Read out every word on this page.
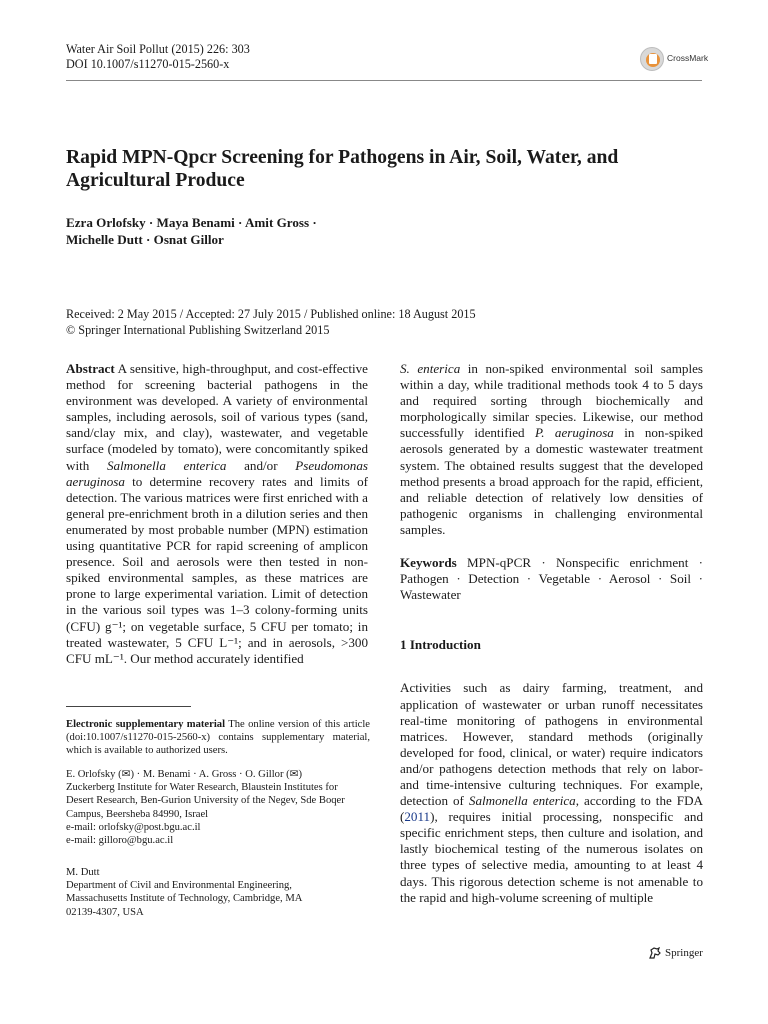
Water Air Soil Pollut (2015) 226: 303
DOI 10.1007/s11270-015-2560-x	CrossMark
Rapid MPN-Qpcr Screening for Pathogens in Air, Soil, Water, and Agricultural Produce
Ezra Orlofsky · Maya Benami · Amit Gross ·
Michelle Dutt · Osnat Gillor
Received: 2 May 2015 / Accepted: 27 July 2015 / Published online: 18 August 2015
© Springer International Publishing Switzerland 2015

Abstract A sensitive, high-throughput, and cost-effective method for screening bacterial pathogens in the environment was developed. A variety of environmental samples, including aerosols, soil of various types (sand, sand/clay mix, and clay), wastewater, and vegetable surface (modeled by tomato), were concomitantly spiked with Salmonella enterica and/or Pseudomonas aeruginosa to determine recovery rates and limits of detection. The various matrices were first enriched with a general pre-enrichment broth in a dilution series and then enumerated by most probable number (MPN) estimation using quantitative PCR for rapid screening of amplicon presence. Soil and aerosols were then tested in non-spiked environmental samples, as these matrices are prone to large experimental variation. Limit of detection in the various soil types was 1–3 colony-forming units (CFU) g⁻¹; on vegetable surface, 5 CFU per tomato; in treated wastewater, 5 CFU L⁻¹; and in aerosols, >300 CFU mL⁻¹. Our method accurately identified

S. enterica in non-spiked environmental soil samples within a day, while traditional methods took 4 to 5 days and required sorting through biochemically and morphologically similar species. Likewise, our method successfully identified P. aeruginosa in non-spiked aerosols generated by a domestic wastewater treatment system. The obtained results suggest that the developed method presents a broad approach for the rapid, efficient, and reliable detection of relatively low densities of pathogenic organisms in challenging environmental samples.

Keywords MPN-qPCR · Nonspecific enrichment · Pathogen · Detection · Vegetable · Aerosol · Soil · Wastewater

1 Introduction

Activities such as dairy farming, treatment, and application of wastewater or urban runoff necessitates real-time monitoring of pathogens in environmental matrices. However, standard methods (originally developed for food, clinical, or water) require indicators and/or pathogens detection methods that rely on labor- and time-intensive culturing techniques. For example, detection of Salmonella enterica, according to the FDA (2011), requires initial processing, nonspecific and specific enrichment steps, then culture and isolation, and lastly biochemical testing of the numerous isolates on three types of selective media, amounting to at least 4 days. This rigorous detection scheme is not amenable to the rapid and high-volume screening of multiple

Electronic supplementary material The online version of this article (doi:10.1007/s11270-015-2560-x) contains supplementary material, which is available to authorized users.

E. Orlofsky (✉) · M. Benami · A. Gross · O. Gillor (✉)

Zuckerberg Institute for Water Research, Blaustein Institutes for

Desert Research, Ben-Gurion University of the Negev, Sde Boqer

Campus, Beersheba 84990, Israel

e-mail: orlofsky@post.bgu.ac.il

e-mail: gilloro@bgu.ac.il

M. Dutt

Department of Civil and Environmental Engineering,

Massachusetts Institute of Technology, Cambridge, MA

02139-4307, USA

Springer
